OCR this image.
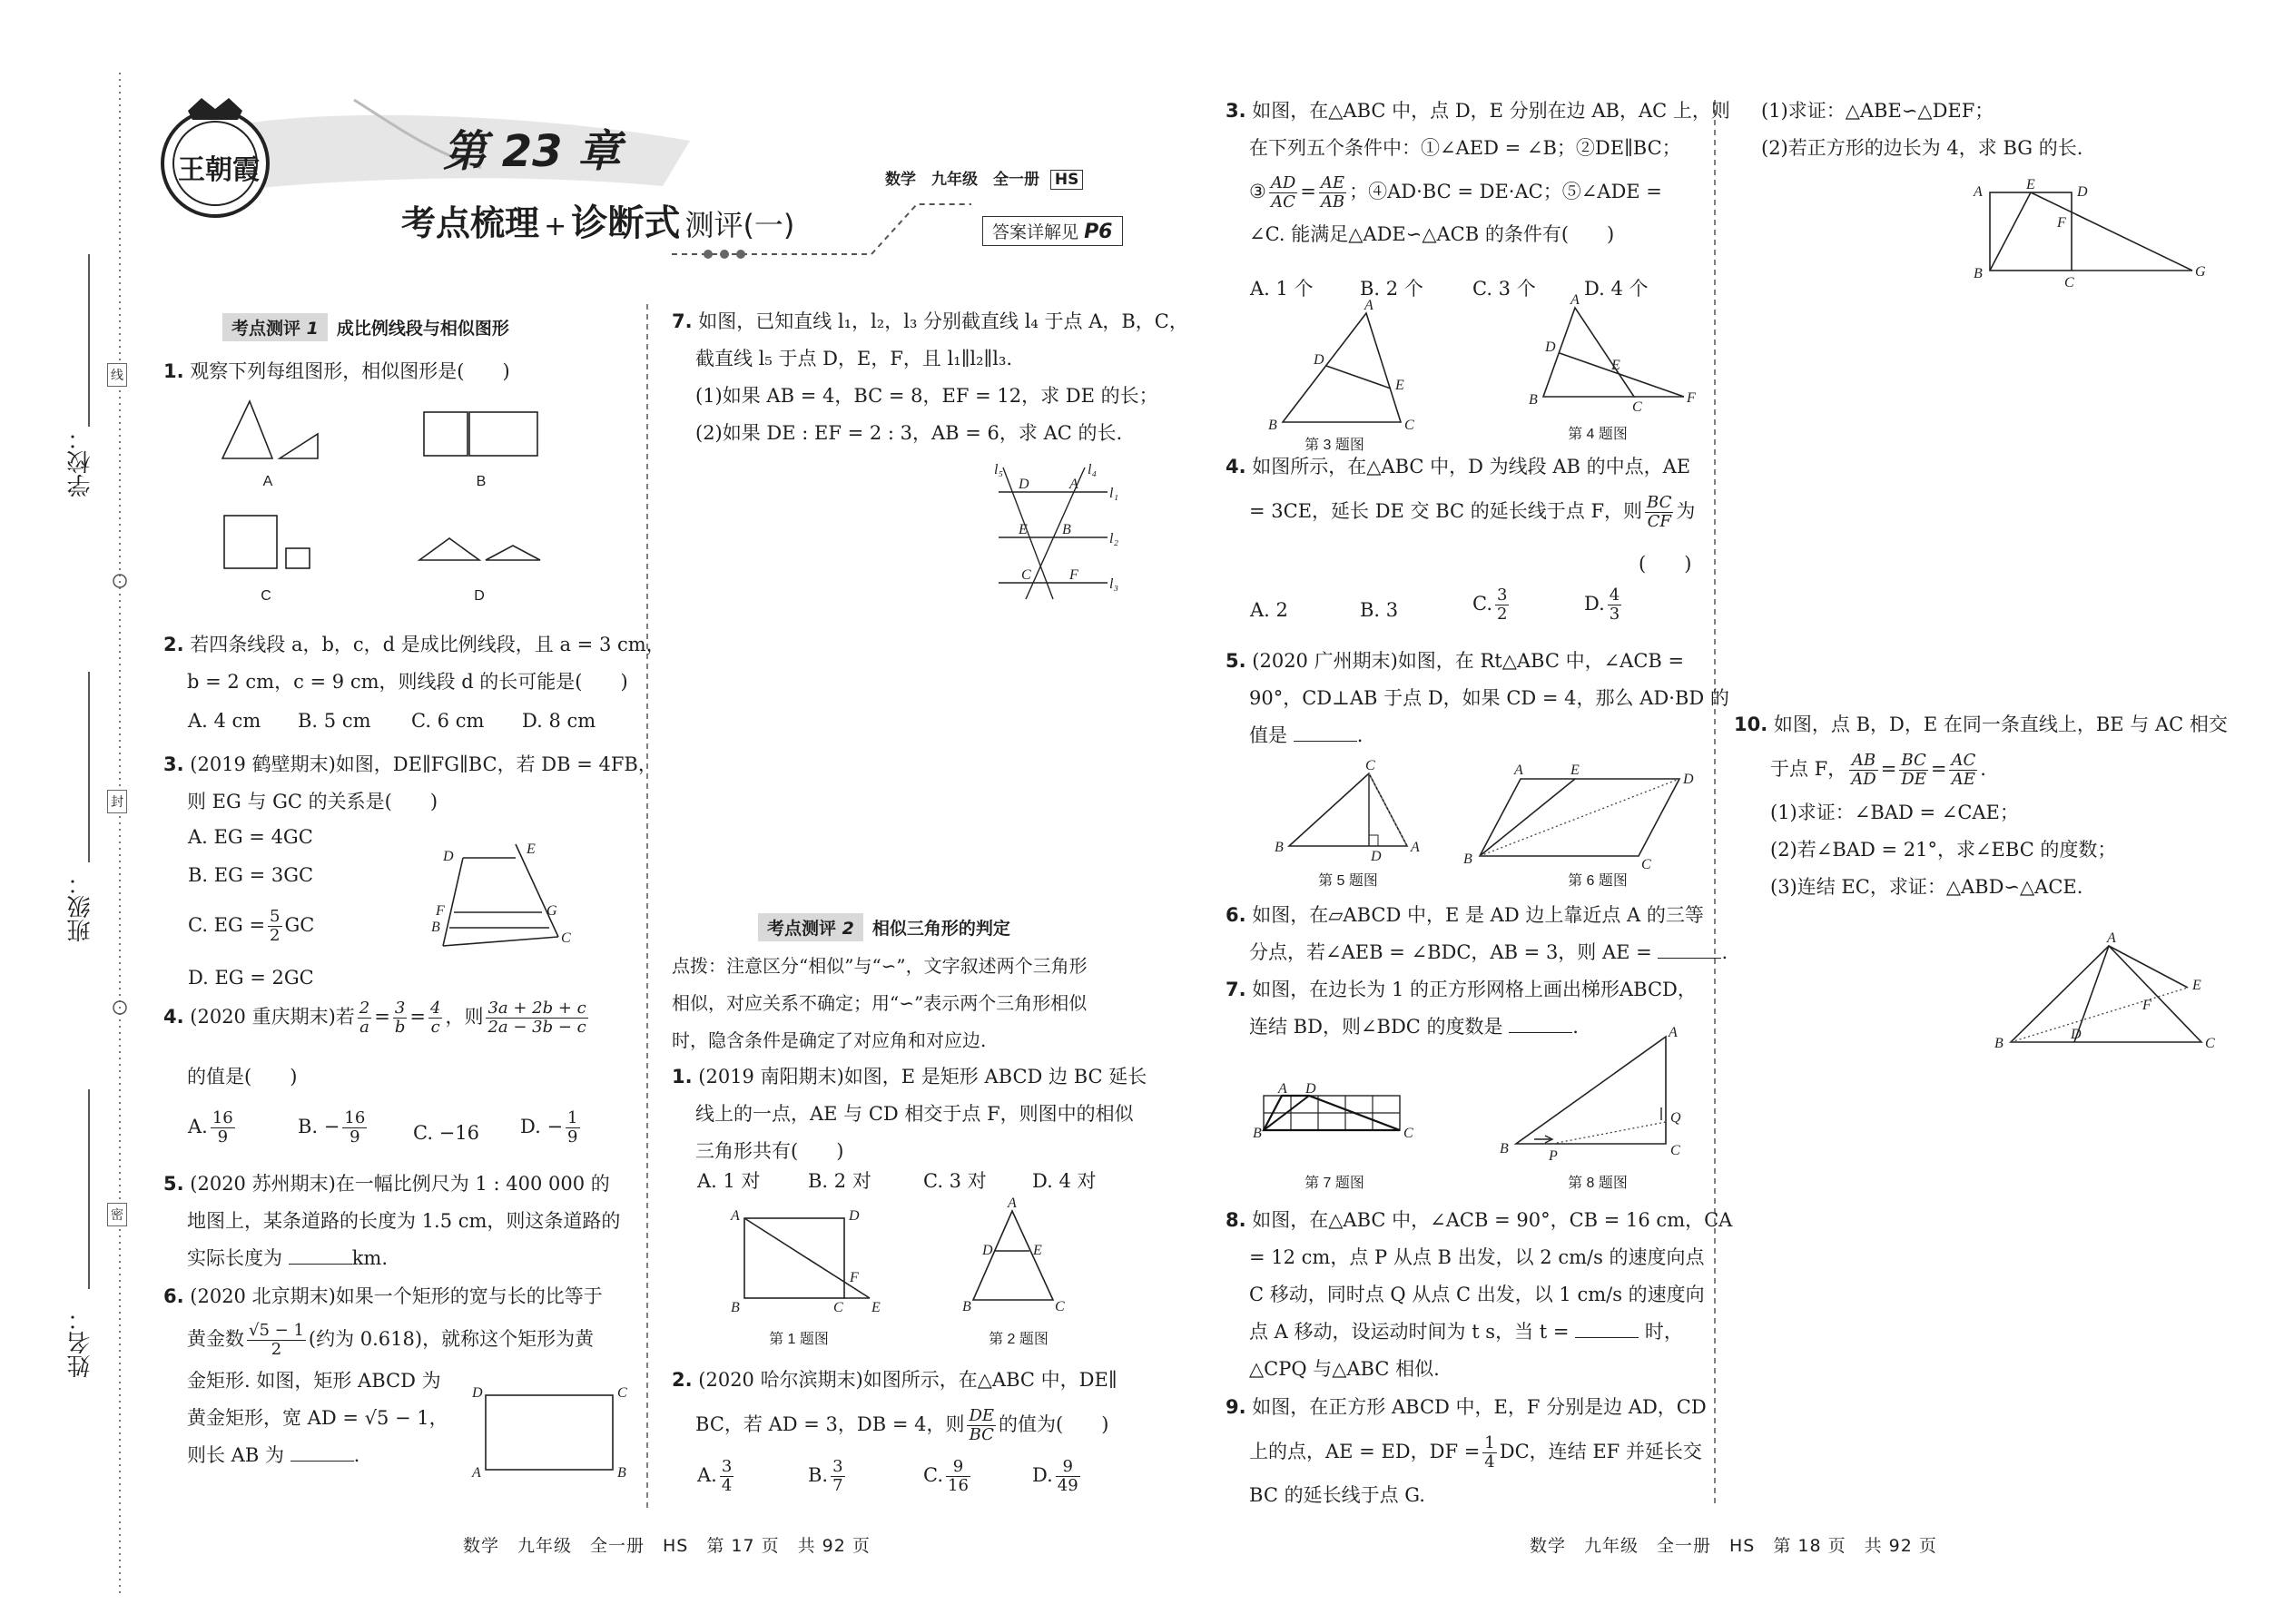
学校：
班级：
姓名：
线
封
密
王朝霞	第 23 章
考点梳理 + 诊断式 测评(一)
数学　九年级　全一册 HS
答案详解见 P6
考点测评 1	成比例线段与相似图形
1. 观察下列每组图形，相似图形是(　　)
A	B
C	D
2. 若四条线段 a，b，c，d 是成比例线段，且 a = 3 cm，
b = 2 cm，c = 9 cm，则线段 d 的长可能是(　　)
A. 4 cm B. 5 cm C. 6 cm D. 8 cm
3. (2019 鹤壁期末)如图，DE∥FG∥BC，若 DB = 4FB，
则 EG 与 GC 的关系是(　　)
A. EG = 4GC
B. EG = 3GC
C. EG = $\frac{5}{2}$ GC
D. EG = 2GC
D	E
F	G
B
C
4. (2020 重庆期末)若 $\frac{2}{a} = \frac{3}{b} = \frac{4}{c}$ ，则 $\frac{3a + 2b + c}{2a - 3b - c}$
的值是(　　)
A. $\frac{16}{9}$	B. − $\frac{16}{9} C$. −16 D. − $\frac{1}{9}$
5. (2020 苏州期末)在一幅比例尺为 1 : 400 000 的
地图上，某条道路的长度为 1.5 cm，则这条道路的
实际长度为	km.
6. (2020 北京期末)如果一个矩形的宽与长的比等于
黄金数 $\frac{√5 - 1}{2}$ (约为 0.618)，就称这个矩形为黄
金矩形. 如图，矩形 ABCD 为
黄金矩形，宽 AD = √5 − 1，
则长 AB 为	.
D	C
A	B
7. 如图，已知直线 l₁，l₂，l₃ 分别截直线 l₄ 于点 A，B，C，
截直线 l₅ 于点 D，E，F，且 l₁∥l₂∥l₃.
(1)如果 AB = 4，BC = 8，EF = 12，求 DE 的长；
(2)如果 DE : EF = 2 : 3，AB = 6，求 AC 的长.
l₅	l₄
l₁
l₂
l₃
D	A
E B
C	F
考点测评 2	相似三角形的判定
点拨：注意区分“相似”与“∽”，文字叙述两个三角形
相似，对应关系不确定；用“∽”表示两个三角形相似
时，隐含条件是确定了对应角和对应边.
1. (2019 南阳期末)如图，E 是矩形 ABCD 边 BC 延长
线上的一点，AE 与 CD 相交于点 F，则图中的相似
三角形共有(　　)
A. 1 对 B. 2 对	C. 3 对 D. 4 对
A	D
F
B	C E
第 1 题图
A
D	E
B	C
第 2 题图
2. (2020 哈尔滨期末)如图所示，在△ABC 中，DE∥
BC，若 AD = 3，DB = 4，则 $\frac{DE}{BC}$ 的值为(　　)
A. $\frac{3}{4}$	B. $\frac{3}{7}$	C. $\frac{9}{16}$	D. $\frac{9}{49}$
3. 如图，在△ABC 中，点 D，E 分别在边 AB，AC 上，则
在下列五个条件中：①∠AED = ∠B；②DE∥BC；
③ $\frac{AD}{AC} = \frac{AE}{AB}$ ；④AD·BC = DE·AC；⑤∠ADE =
∠C. 能满足△ADE∽△ACB 的条件有(　　)
A. 1 个 B. 2 个	C. 3 个	D. 4 个
A
D
E
B	C
第 3 题图
A
D
E
B	C
F
第 4 题图
4. 如图所示，在△ABC 中，D 为线段 AB 的中点，AE
= 3CE，延长 DE 交 BC 的延长线于点 F，则 $\frac{BC}{CF}$ 为
(　　)
A. 2	B. 3	C. $\frac{3}{2}$	D. $\frac{4}{3}$
5. (2020 广州期末)如图，在 Rt△ABC 中，∠ACB =
90°，CD⊥AB 于点 D，如果 CD = 4，那么 AD·BD 的
值是	.
C
B
D
A
第 5 题图
A	E
D
B	C
第 6 题图
6. 如图，在▱ABCD 中，E 是 AD 边上靠近点 A 的三等
分点，若∠AEB = ∠BDC，AB = 3，则 AE =	.
7. 如图，在边长为 1 的正方形网格上画出梯形ABCD，
连结 BD，则∠BDC 的度数是	.
A D
B	C
第 7 题图
A
Q
B	P	C
第 8 题图
8. 如图，在△ABC 中，∠ACB = 90°，CB = 16 cm，CA
= 12 cm，点 P 从点 B 出发，以 2 cm/s 的速度向点
C 移动，同时点 Q 从点 C 出发，以 1 cm/s 的速度向
点 A 移动，设运动时间为 t s，当 t =	时，
△CPQ 与△ABC 相似.
9. 如图，在正方形 ABCD 中，E，F 分别是边 AD，CD
上的点，AE = ED，DF = $\frac{1}{4}$ DC，连结 EF 并延长交
BC 的延长线于点 G.
(1)求证：△ABE∽△DEF；
(2)若正方形的边长为 4，求 BG 的长.
A	E	D
F
B
C
G
10. 如图，点 B，D，E 在同一条直线上，BE 与 AC 相交
于点 F， $\frac{AB}{AD} = \frac{BC}{DE} = \frac{AC}{AE}$ .
(1)求证：∠BAD = ∠CAE；
(2)若∠BAD = 21°，求∠EBC 的度数；
(3)连结 EC，求证：△ABD∽△ACE.
A
E
F
B
D
C
数学　九年级　全一册　HS　第 17 页　共 92 页	数学　九年级　全一册　HS　第 18 页　共 92 页
